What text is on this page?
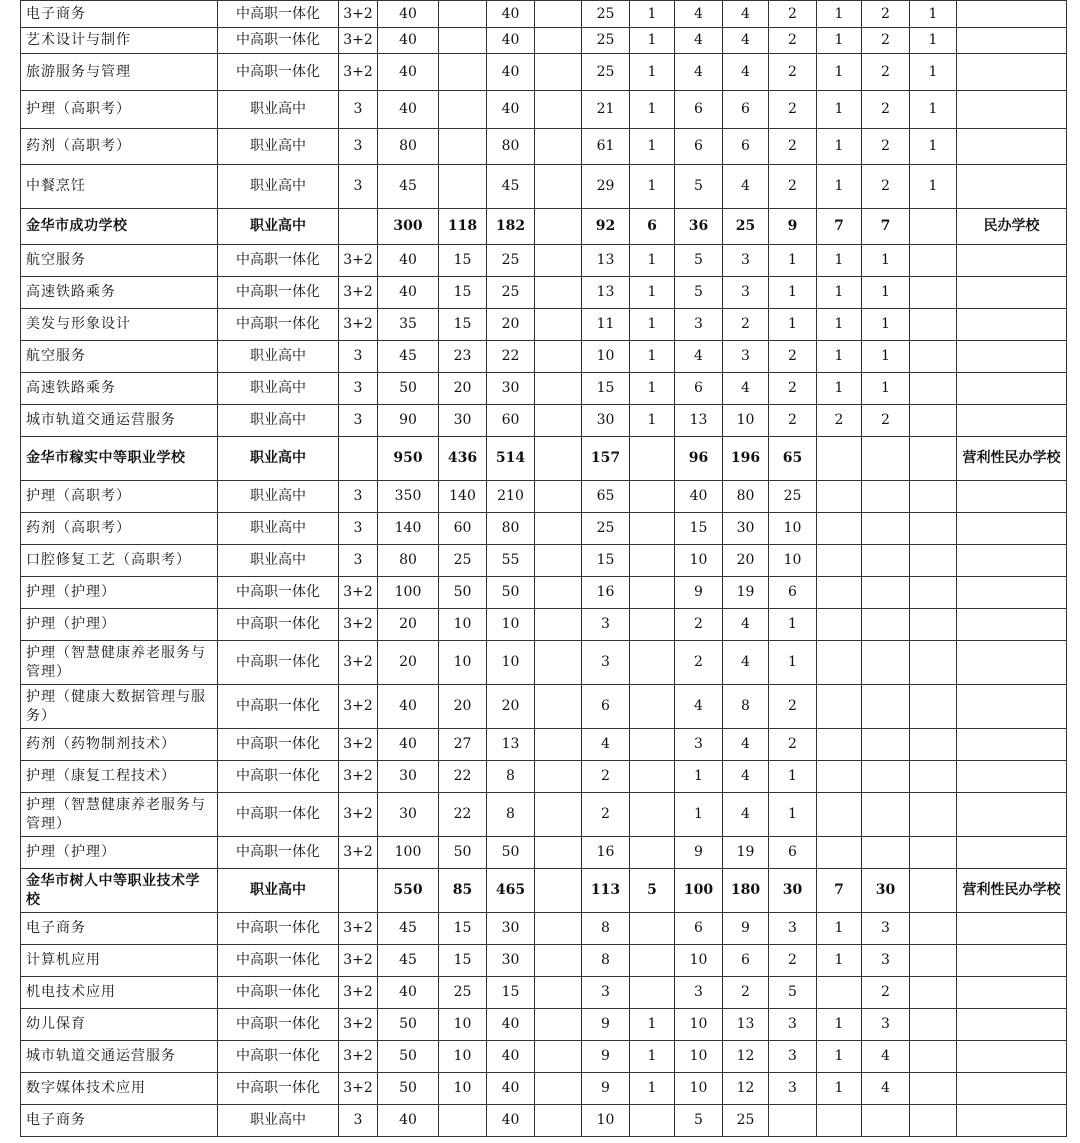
电子商务	中高职一体化	3+2	40		40		25	1	4	4	2	1	2	1	
艺术设计与制作	中高职一体化	3+2	40		40		25	1	4	4	2	1	2	1	
旅游服务与管理	中高职一体化	3+2	40		40		25	1	4	4	2	1	2	1	
护理（高职考）	职业高中	3	40		40		21	1	6	6	2	1	2	1	
药剂（高职考）	职业高中	3	80		80		61	1	6	6	2	1	2	1	
中餐烹饪	职业高中	3	45		45		29	1	5	4	2	1	2	1	
金华市成功学校	职业高中		300	118	182		92	6	36	25	9	7	7		民办学校
航空服务	中高职一体化	3+2	40	15	25		13	1	5	3	1	1	1		
高速铁路乘务	中高职一体化	3+2	40	15	25		13	1	5	3	1	1	1		
美发与形象设计	中高职一体化	3+2	35	15	20		11	1	3	2	1	1	1		
航空服务	职业高中	3	45	23	22		10	1	4	3	2	1	1		
高速铁路乘务	职业高中	3	50	20	30		15	1	6	4	2	1	1		
城市轨道交通运营服务	职业高中	3	90	30	60		30	1	13	10	2	2	2		
金华市稼实中等职业学校	职业高中		950	436	514		157		96	196	65				营利性民办学校
护理（高职考）	职业高中	3	350	140	210		65		40	80	25				
药剂（高职考）	职业高中	3	140	60	80		25		15	30	10				
口腔修复工艺（高职考）	职业高中	3	80	25	55		15		10	20	10				
护理（护理）	中高职一体化	3+2	100	50	50		16		9	19	6				
护理（护理）	中高职一体化	3+2	20	10	10		3		2	4	1				
护理（智慧健康养老服务与管理）	中高职一体化	3+2	20	10	10		3		2	4	1				
护理（健康大数据管理与服务）	中高职一体化	3+2	40	20	20		6		4	8	2				
药剂（药物制剂技术）	中高职一体化	3+2	40	27	13		4		3	4	2				
护理（康复工程技术）	中高职一体化	3+2	30	22	8		2		1	4	1				
护理（智慧健康养老服务与管理）	中高职一体化	3+2	30	22	8		2		1	4	1				
护理（护理）	中高职一体化	3+2	100	50	50		16		9	19	6				
金华市树人中等职业技术学校	职业高中		550	85	465		113	5	100	180	30	7	30		营利性民办学校
电子商务	中高职一体化	3+2	45	15	30		8		6	9	3	1	3		
计算机应用	中高职一体化	3+2	45	15	30		8		10	6	2	1	3		
机电技术应用	中高职一体化	3+2	40	25	15		3		3	2	5		2		
幼儿保育	中高职一体化	3+2	50	10	40		9	1	10	13	3	1	3		
城市轨道交通运营服务	中高职一体化	3+2	50	10	40		9	1	10	12	3	1	4		
数字媒体技术应用	中高职一体化	3+2	50	10	40		9	1	10	12	3	1	4		
电子商务	职业高中	3	40		40		10		5	25					
